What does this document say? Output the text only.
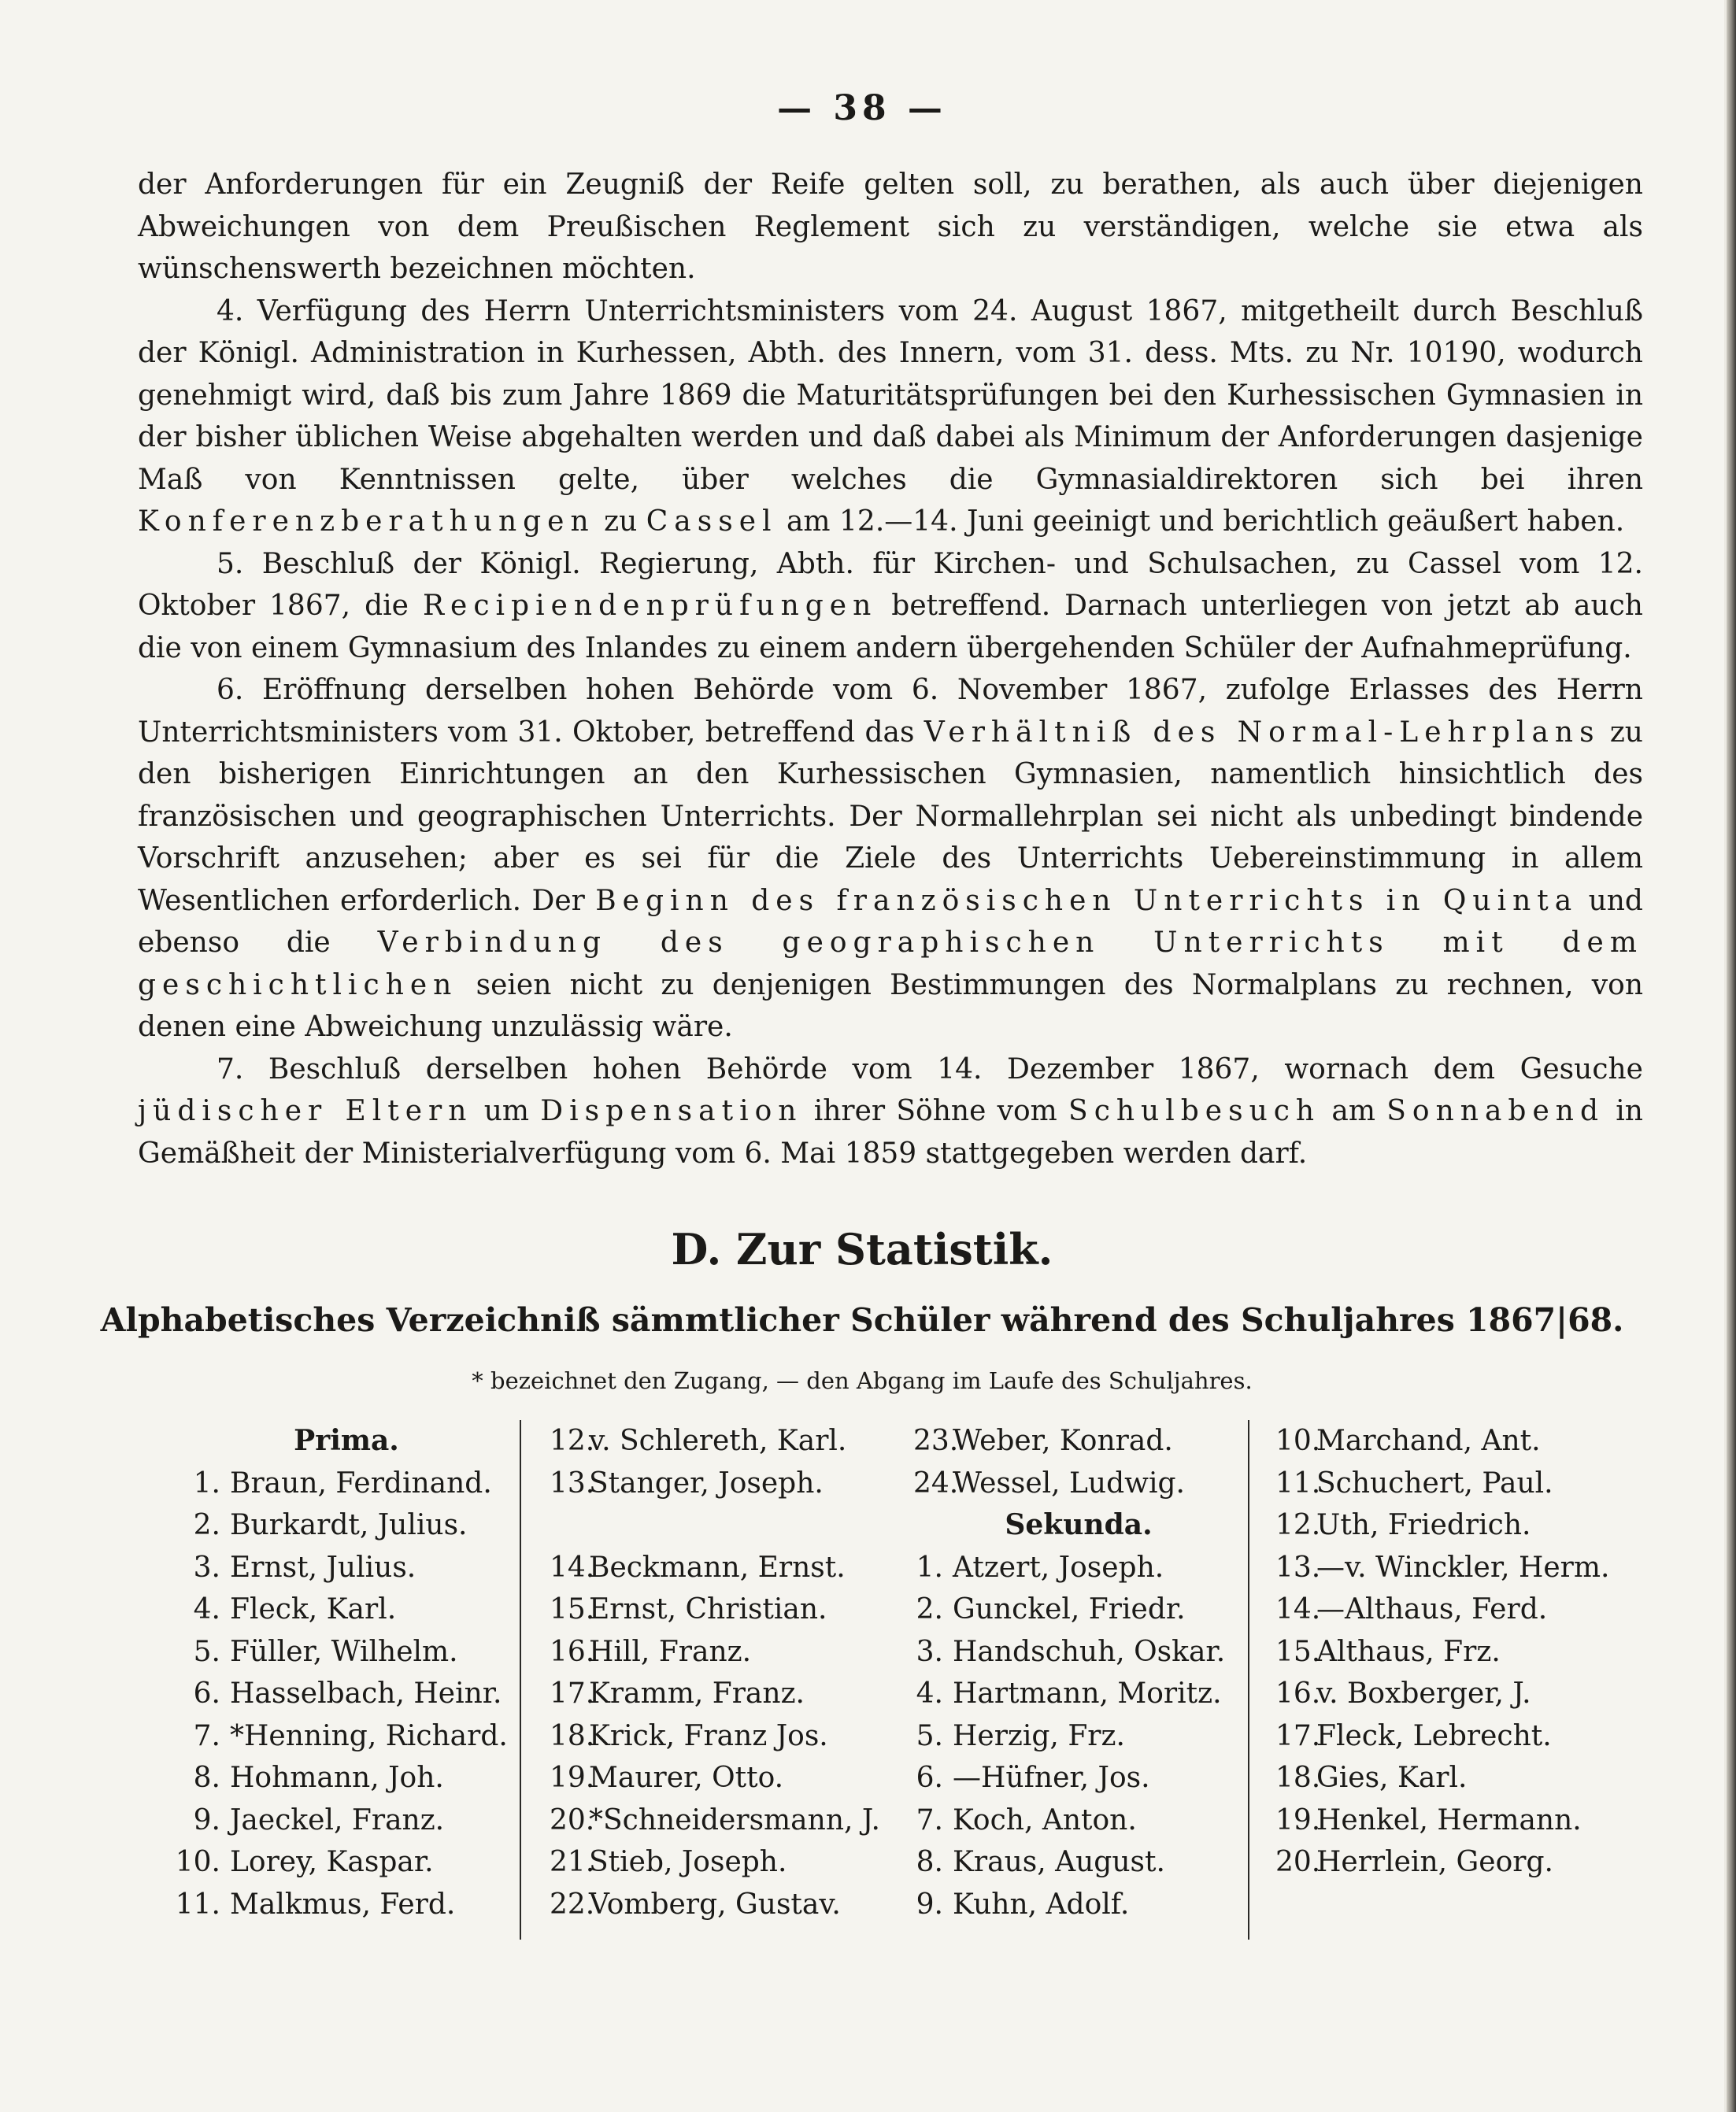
— 38 —

der Anforderungen für ein Zeugniß der Reife gelten soll, zu berathen, als auch über diejenigen Abweichungen von dem Preußischen Reglement sich zu verständigen, welche sie etwa als wünschenswerth bezeichnen möchten.

4. Verfügung des Herrn Unterrichtsministers vom 24. August 1867, mitgetheilt durch Beschluß der Königl. Administration in Kurhessen, Abth. des Innern, vom 31. dess. Mts. zu Nr. 10190, wodurch genehmigt wird, daß bis zum Jahre 1869 die Maturitätsprüfungen bei den Kurhessischen Gymnasien in der bisher üblichen Weise abgehalten werden und daß dabei als Minimum der Anforderungen dasjenige Maß von Kenntnissen gelte, über welches die Gymnasialdirektoren sich bei ihren Konferenzberathungen zu Cassel am 12.—14. Juni geeinigt und berichtlich geäußert haben.

5. Beschluß der Königl. Regierung, Abth. für Kirchen- und Schulsachen, zu Cassel vom 12. Oktober 1867, die Recipiendenprüfungen betreffend. Darnach unterliegen von jetzt ab auch die von einem Gymnasium des Inlandes zu einem andern übergehenden Schüler der Aufnahmeprüfung.

6. Eröffnung derselben hohen Behörde vom 6. November 1867, zufolge Erlasses des Herrn Unterrichtsministers vom 31. Oktober, betreffend das Verhältniß des Normal-Lehrplans zu den bisherigen Einrichtungen an den Kurhessischen Gymnasien, namentlich hinsichtlich des französischen und geographischen Unterrichts. Der Normallehrplan sei nicht als unbedingt bindende Vorschrift anzusehen; aber es sei für die Ziele des Unterrichts Uebereinstimmung in allem Wesentlichen erforderlich. Der Beginn des französischen Unterrichts in Quinta und ebenso die Verbindung des geographischen Unterrichts mit dem geschichtlichen seien nicht zu denjenigen Bestimmungen des Normalplans zu rechnen, von denen eine Abweichung unzulässig wäre.

7. Beschluß derselben hohen Behörde vom 14. Dezember 1867, wornach dem Gesuche jüdischer Eltern um Dispensation ihrer Söhne vom Schulbesuch am Sonnabend in Gemäßheit der Ministerialverfügung vom 6. Mai 1859 stattgegeben werden darf.

D. Zur Statistik.
Alphabetisches Verzeichniß sämmtlicher Schüler während des Schuljahres 1867|68.
* bezeichnet den Zugang, — den Abgang im Laufe des Schuljahres.
Prima.
1. Braun, Ferdinand.
2. Burkardt, Julius.
3. Ernst, Julius.
4. Fleck, Karl.
5. Füller, Wilhelm.
6. Hasselbach, Heinr.
7. *Henning, Richard.
8. Hohmann, Joh.
9. Jaeckel, Franz.
10. Lorey, Kaspar.
11. Malkmus, Ferd.
12.v. Schlereth, Karl.
13.Stanger, Joseph.
14.Beckmann, Ernst.
15.Ernst, Christian.
16.Hill, Franz.
17.Kramm, Franz.
18.Krick, Franz Jos.
19.Maurer, Otto.
20.*Schneidersmann, J.
21.Stieb, Joseph.
22.Vomberg, Gustav.
23.Weber, Konrad.
24.Wessel, Ludwig.
Sekunda.
1. Atzert, Joseph.
2. Gunckel, Friedr.
3. Handschuh, Oskar.
4. Hartmann, Moritz.
5. Herzig, Frz.
6. —Hüfner, Jos.
7. Koch, Anton.
8. Kraus, August.
9. Kuhn, Adolf.
10.Marchand, Ant.
11.Schuchert, Paul.
12.Uth, Friedrich.
13.—v. Winckler, Herm.
14.—Althaus, Ferd.
15.Althaus, Frz.
16.v. Boxberger, J.
17.Fleck, Lebrecht.
18.Gies, Karl.
19.Henkel, Hermann.
20.Herrlein, Georg.
